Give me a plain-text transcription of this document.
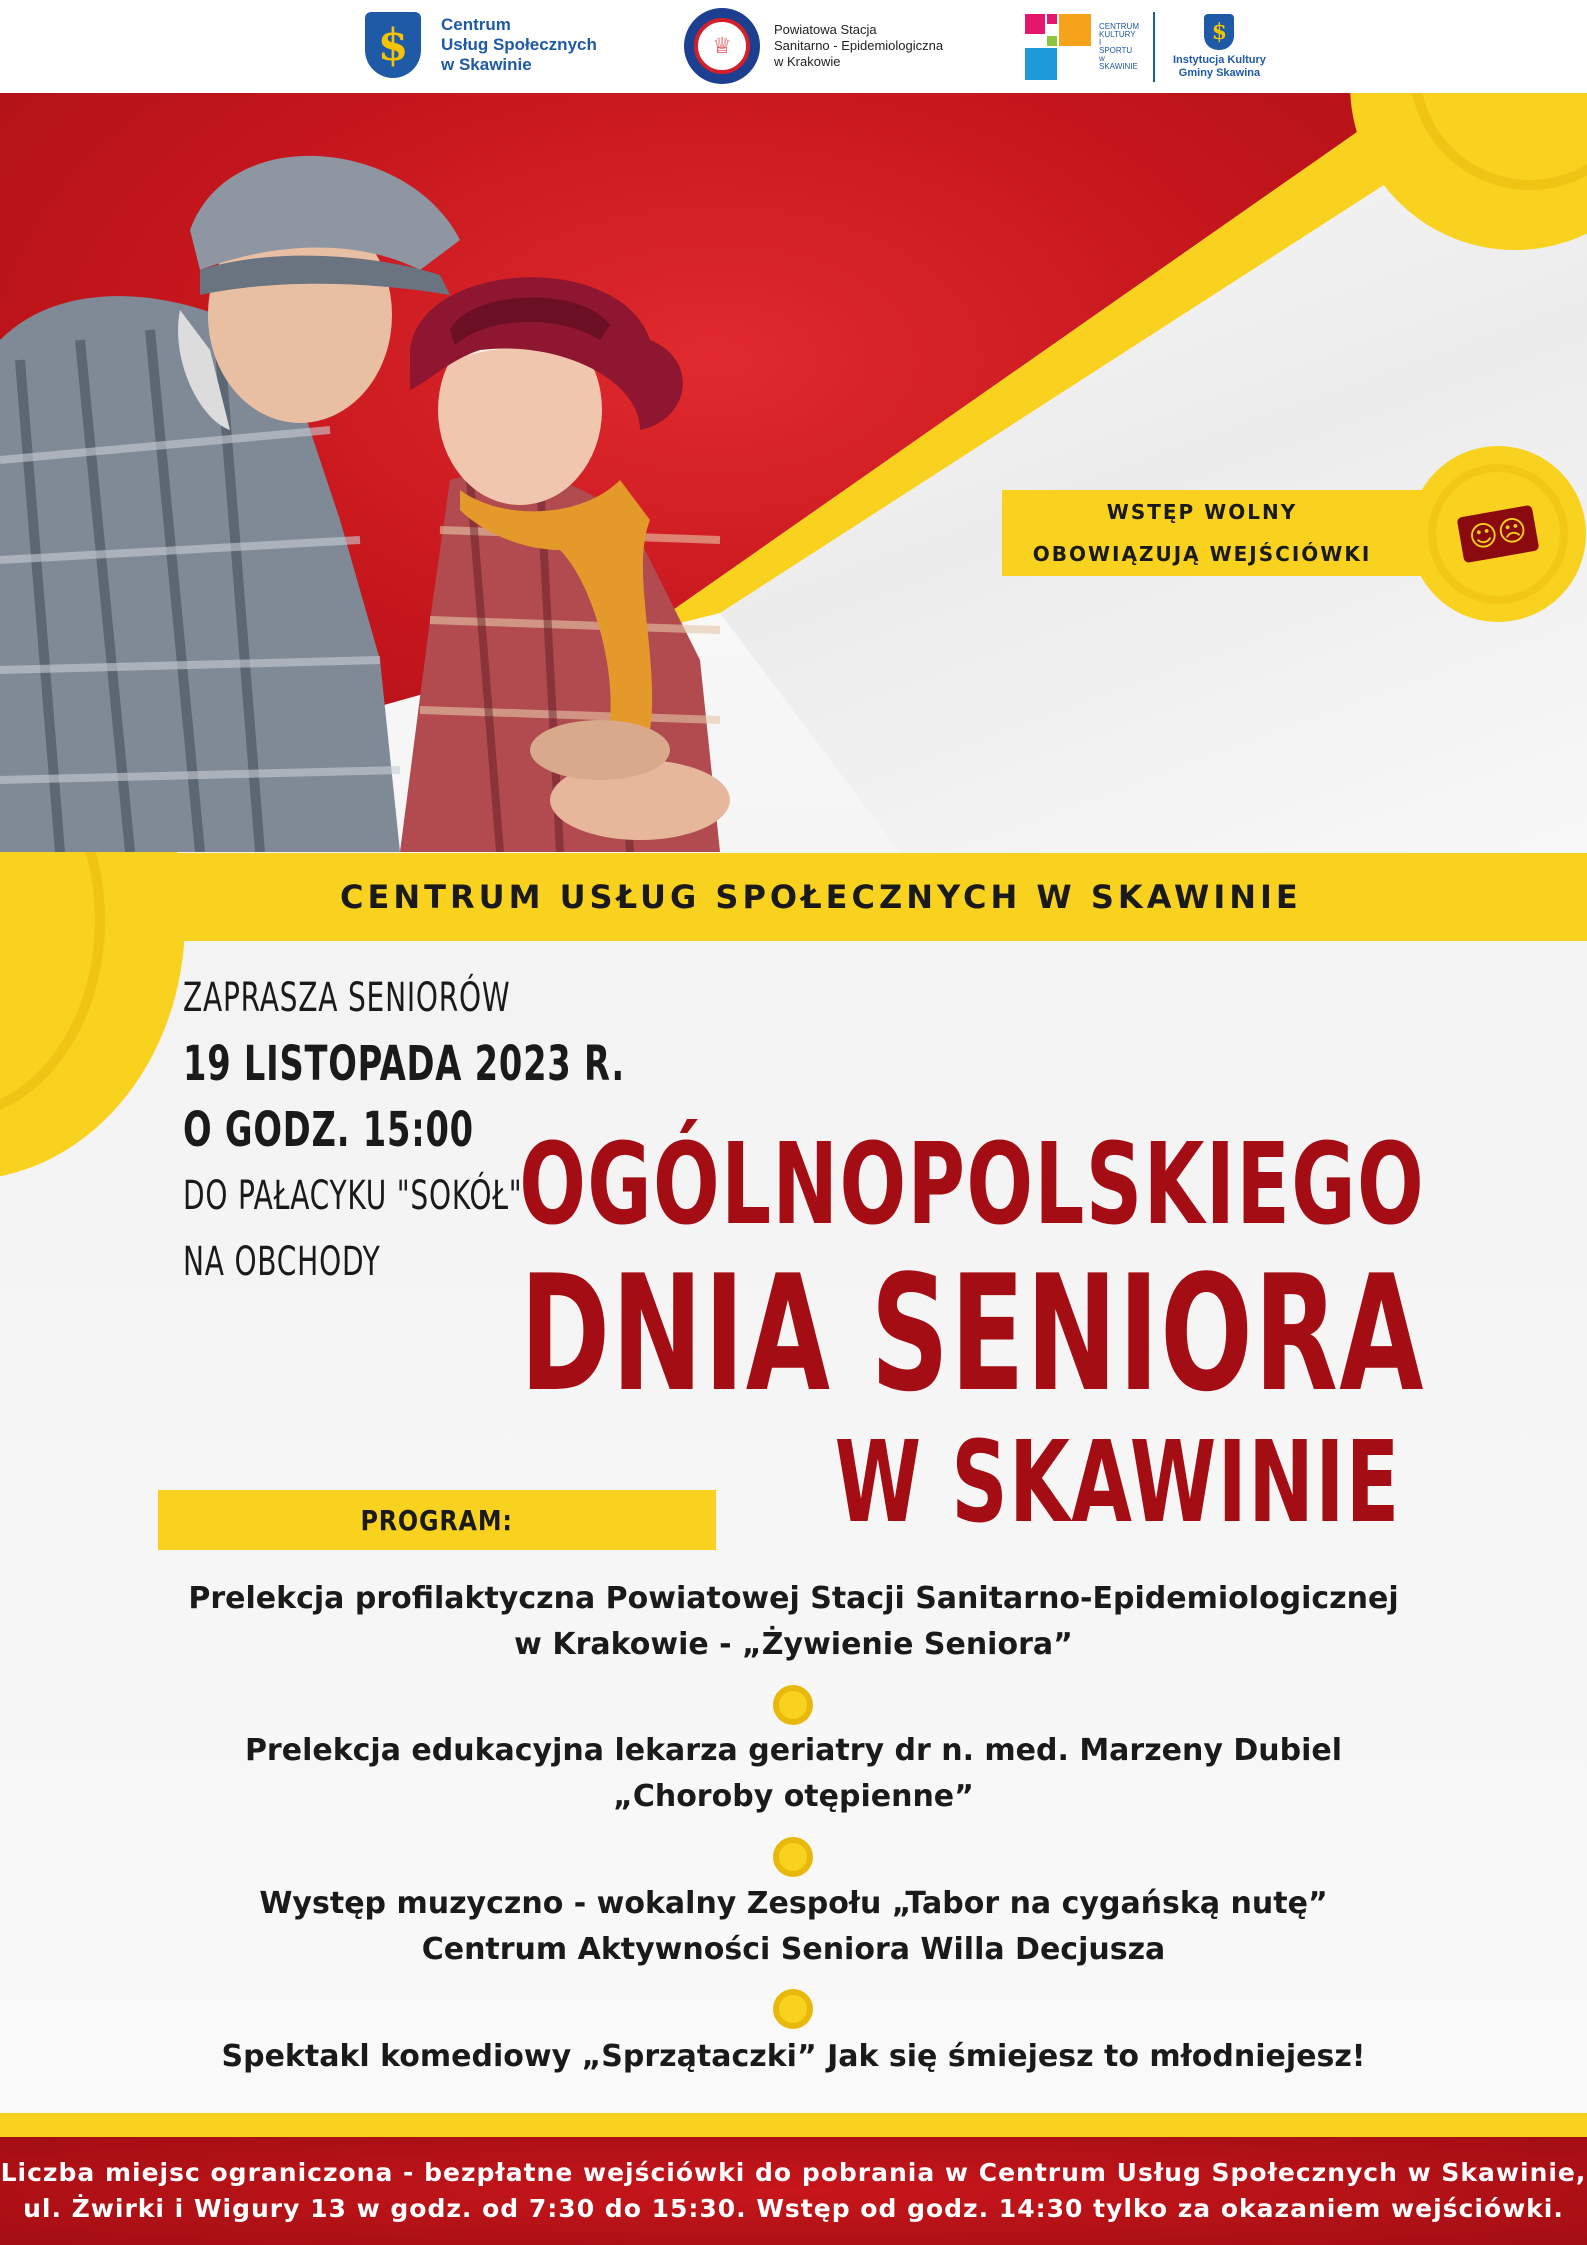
$	Centrum
Usług Społecznych
w Skawinie
♕
Powiatowa Stacja
Sanitarno - Epidemiologiczna
w Krakowie
CENTRUM
KULTURY
I SPORTU
w SKAWINIE
$
Instytucja Kultury
Gminy Skawina
WSTĘP WOLNY
OBOWIĄZUJĄ WEJŚCIÓWKI	☺☹
CENTRUM USŁUG SPOŁECZNYCH W SKAWINIE
ZAPRASZA SENIORÓW
19 LISTOPADA 2023 R.
O GODZ. 15:00
DO PAŁACYKU "SOKÓŁ"
NA OBCHODY
OGÓLNOPOLSKIEGO
DNIA SENIORA
W SKAWINIE
PROGRAM:
Prelekcja profilaktyczna Powiatowej Stacji Sanitarno-Epidemiologicznej
w Krakowie - „Żywienie Seniora”
Prelekcja edukacyjna lekarza geriatry dr n. med. Marzeny Dubiel
„Choroby otępienne”
Występ muzyczno - wokalny Zespołu „Tabor na cygańską nutę”
Centrum Aktywności Seniora Willa Decjusza
Spektakl komediowy „Sprzątaczki” Jak się śmiejesz to młodniejesz!
Liczba miejsc ograniczona - bezpłatne wejściówki do pobrania w Centrum Usług Społecznych w Skawinie,
ul. Żwirki i Wigury 13 w godz. od 7:30 do 15:30. Wstęp od godz. 14:30 tylko za okazaniem wejściówki.
